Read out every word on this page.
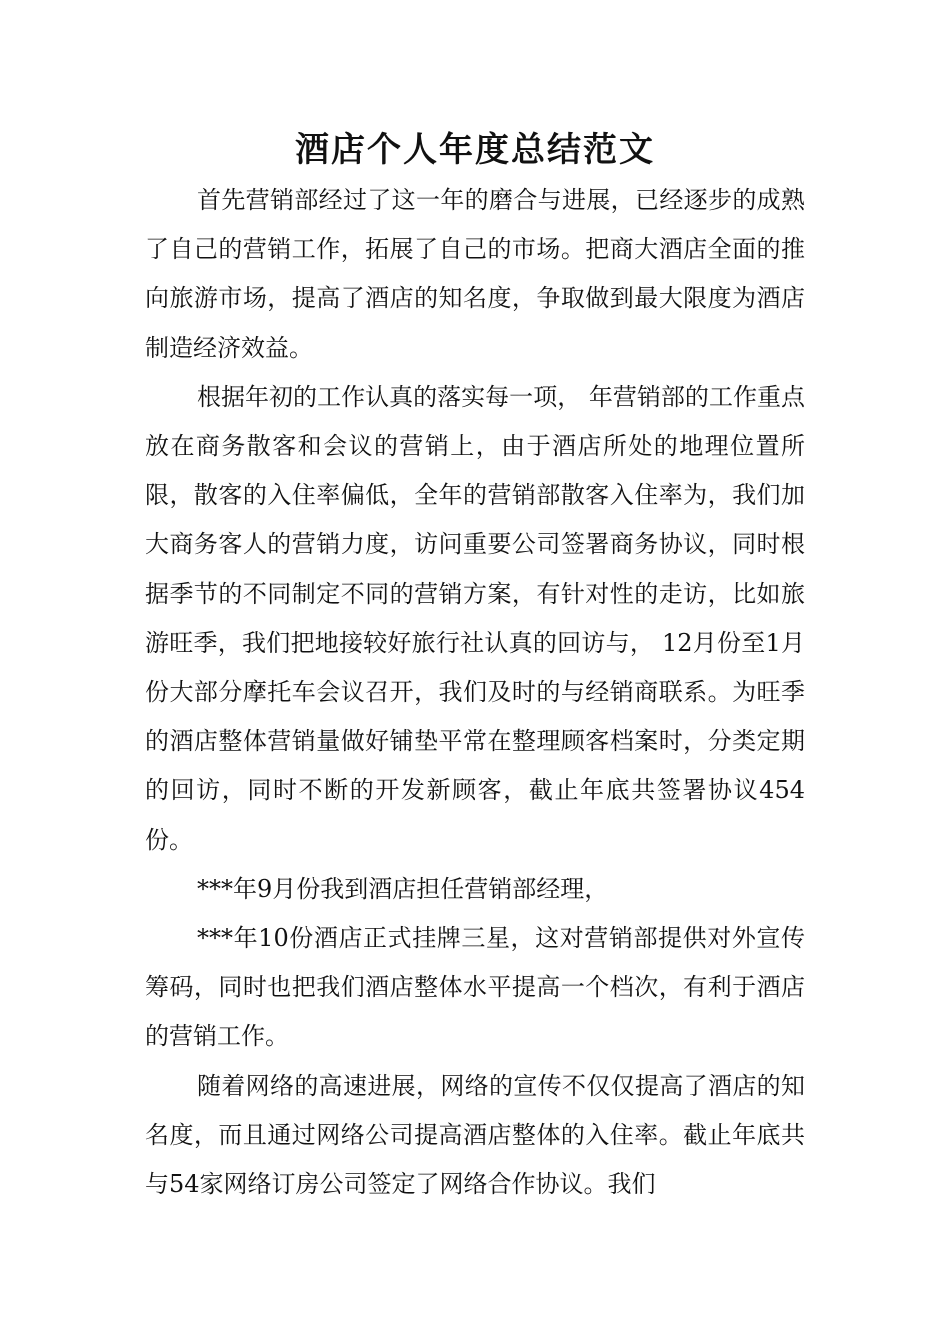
酒店个人年度总结范文

首先营销部经过了这一年的磨合与进展，已经逐步的成熟了自己的营销工作，拓展了自己的市场。把商大酒店全面的推向旅游市场，提高了酒店的知名度，争取做到最大限度为酒店制造经济效益。

根据年初的工作认真的落实每一项， 年营销部的工作重点放在商务散客和会议的营销上，由于酒店所处的地理位置所限，散客的入住率偏低，全年的营销部散客入住率为，我们加大商务客人的营销力度，访问重要公司签署商务协议，同时根据季节的不同制定不同的营销方案，有针对性的走访，比如旅游旺季，我们把地接较好旅行社认真的回访与， 12月份至1月份大部分摩托车会议召开，我们及时的与经销商联系。为旺季的酒店整体营销量做好铺垫平常在整理顾客档案时，分类定期的回访，同时不断的开发新顾客，截止年底共签署协议454份。

***年9月份我到酒店担任营销部经理，

***年10份酒店正式挂牌三星，这对营销部提供对外宣传筹码，同时也把我们酒店整体水平提高一个档次，有利于酒店的营销工作。

随着网络的高速进展，网络的宣传不仅仅提高了酒店的知名度，而且通过网络公司提高酒店整体的入住率。截止年底共与54家网络订房公司签定了网络合作协议。我们
